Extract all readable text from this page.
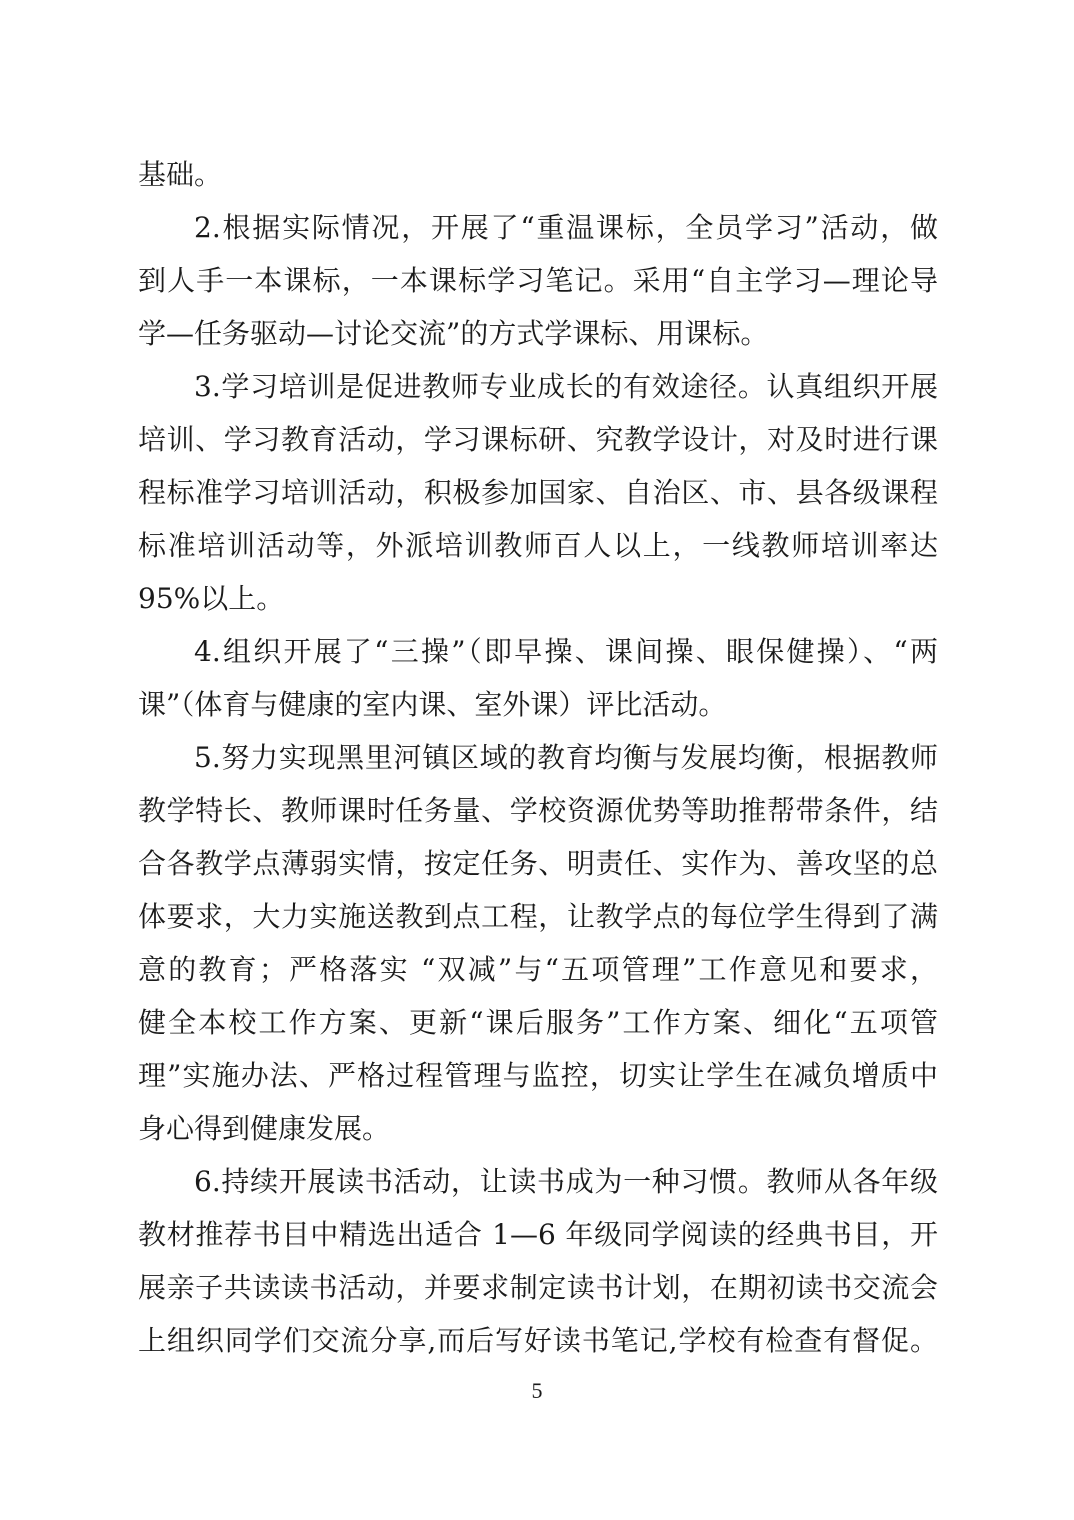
基础。
2.根据实际情况，开展了“重温课标，全员学习”活动，做
到人手一本课标，一本课标学习笔记。采用“自主学习—理论导
学—任务驱动—讨论交流”的方式学课标、用课标。
3.学习培训是促进教师专业成长的有效途径。认真组织开展
培训、学习教育活动，学习课标研、究教学设计，对及时进行课
程标准学习培训活动，积极参加国家、自治区、市、县各级课程
标准培训活动等，外派培训教师百人以上，一线教师培训率达
95%以上。
4.组织开展了“三操”（即早操、课间操、眼保健操）、“两
课”（体育与健康的室内课、室外课）评比活动。
5.努力实现黑里河镇区域的教育均衡与发展均衡，根据教师
教学特长、教师课时任务量、学校资源优势等助推帮带条件，结
合各教学点薄弱实情，按定任务、明责任、实作为、善攻坚的总
体要求，大力实施送教到点工程，让教学点的每位学生得到了满
意的教育；严格落实 “双减”与“五项管理”工作意见和要求，
健全本校工作方案、更新“课后服务”工作方案、细化“五项管
理”实施办法、严格过程管理与监控，切实让学生在减负增质中
身心得到健康发展。
6.持续开展读书活动，让读书成为一种习惯。教师从各年级
教材推荐书目中精选出适合 1—6 年级同学阅读的经典书目，开
展亲子共读读书活动，并要求制定读书计划，在期初读书交流会
上组织同学们交流分享,而后写好读书笔记,学校有检查有督促。
5
